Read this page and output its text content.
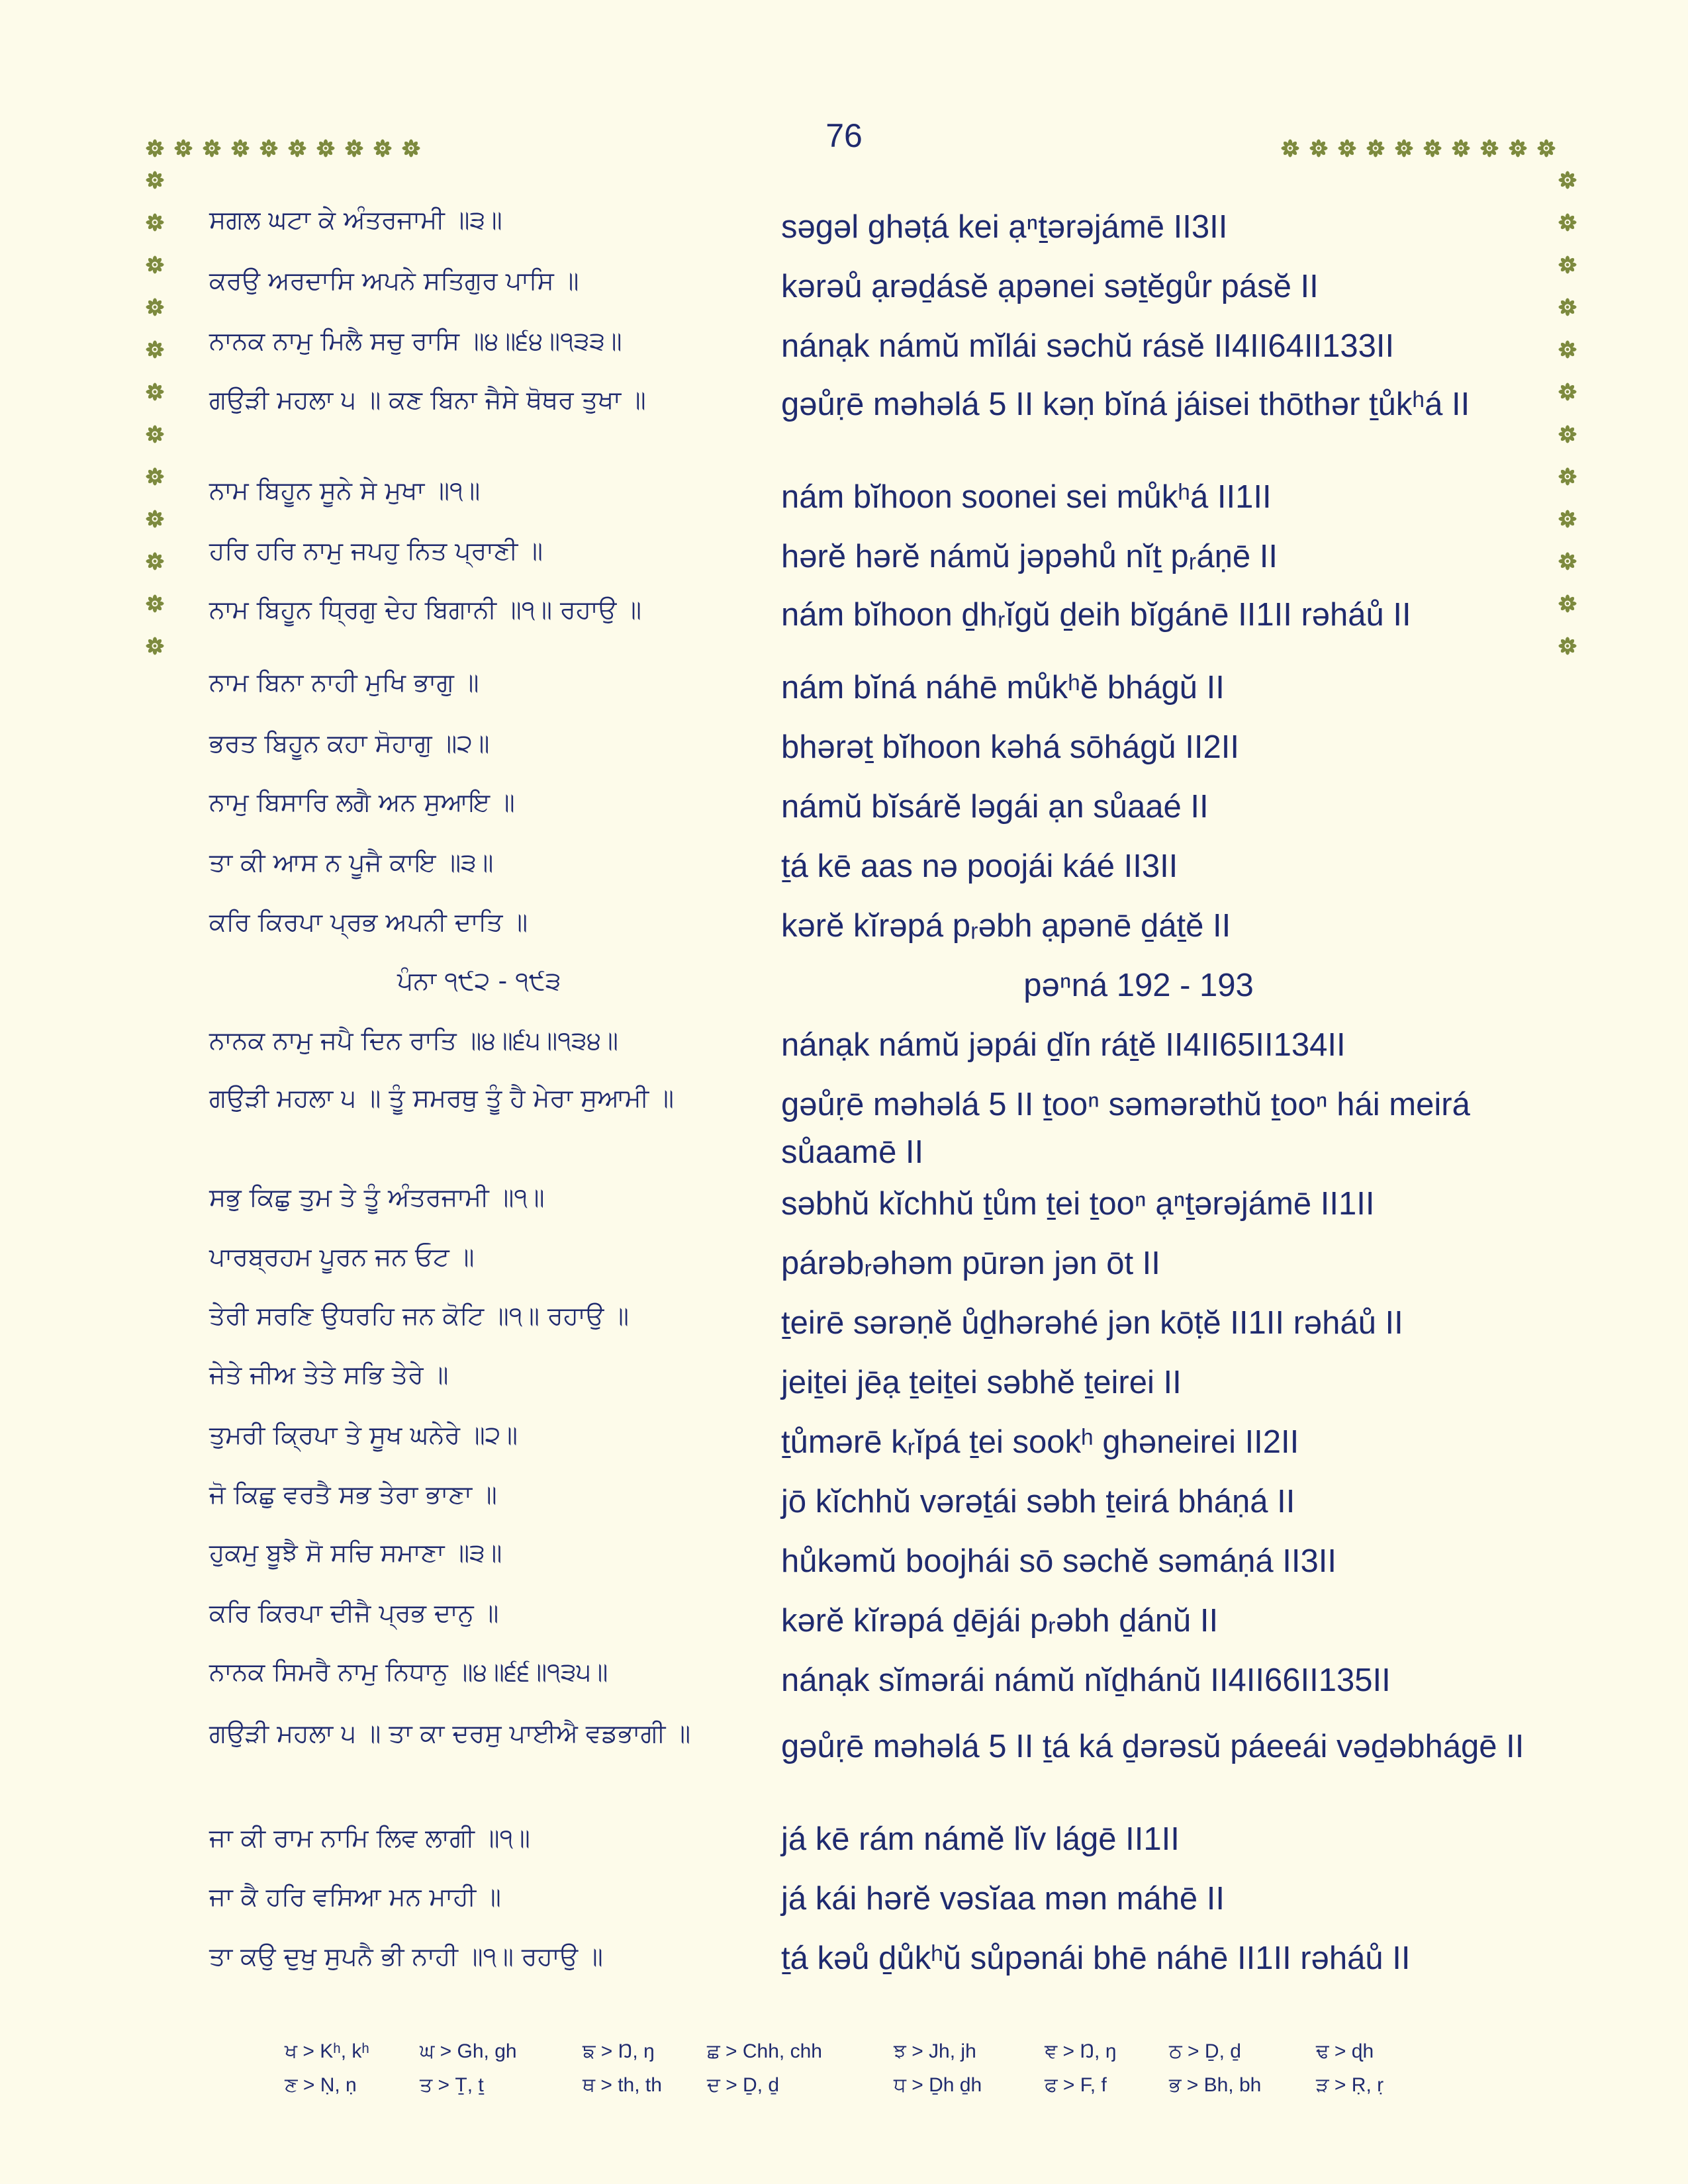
76
ਸਗਲ ਘਟਾ ਕੇ ਅੰਤਰਜਾਮੀ ॥੩॥	səgəl ghəṭá kei ạⁿṯərəjámē II3II
ਕਰਉ ਅਰਦਾਸਿ ਅਪਨੇ ਸਤਿਗੁਰ ਪਾਸਿ ॥	kərəů ạrəḏásĕ ạpənei səṯĕgůr pásĕ II
ਨਾਨਕ ਨਾਮੁ ਮਿਲੈ ਸਚੁ ਰਾਸਿ ॥੪॥੬੪॥੧੩੩॥	nánạk námŭ mĭlái səchŭ rásĕ II4II64II133II
ਗਉੜੀ ਮਹਲਾ ੫ ॥ ਕਣ ਬਿਨਾ ਜੈਸੇ ਥੋਥਰ ਤੁਖਾ ॥	gəůṛē məhəlá 5 II kəṇ bĭná jáisei thōthər ṯůkʰá II
ਨਾਮ ਬਿਹੂਨ ਸੂਨੇ ਸੇ ਮੁਖਾ ॥੧॥	nám bĭhoon soonei sei můkʰá II1II
ਹਰਿ ਹਰਿ ਨਾਮੁ ਜਪਹੁ ਨਿਤ ਪ੍ਰਾਣੀ ॥	hərĕ hərĕ námŭ jəpəhů nĭṯ pᵣáṇē II
ਨਾਮ ਬਿਹੂਨ ਧ੍ਰਿਗੁ ਦੇਹ ਬਿਗਾਨੀ ॥੧॥ ਰਹਾਉ ॥	nám bĭhoon ḏhᵣĭgŭ ḏeih bĭgánē II1II rəháů II
ਨਾਮ ਬਿਨਾ ਨਾਹੀ ਮੁਖਿ ਭਾਗੁ ॥	nám bĭná náhē můkʰĕ bhágŭ II
ਭਰਤ ਬਿਹੂਨ ਕਹਾ ਸੋਹਾਗੁ ॥੨॥	bhərəṯ bĭhoon kəhá sōhágŭ II2II
ਨਾਮੁ ਬਿਸਾਰਿ ਲਗੈ ਅਨ ਸੁਆਇ ॥	námŭ bĭsárĕ ləgái ạn sůaaé II
ਤਾ ਕੀ ਆਸ ਨ ਪੂਜੈ ਕਾਇ ॥੩॥	ṯá kē aas nə poojái káé II3II
ਕਰਿ ਕਿਰਪਾ ਪ੍ਰਭ ਅਪਨੀ ਦਾਤਿ ॥	kərĕ kĭrəpá pᵣəbh ạpənē ḏáṯĕ II
ਪੰਨਾ ੧੯੨ - ੧੯੩	pəⁿná 192 - 193
ਨਾਨਕ ਨਾਮੁ ਜਪੈ ਦਿਨ ਰਾਤਿ ॥੪॥੬੫॥੧੩੪॥	nánạk námŭ jəpái ḏĭn ráṯĕ II4II65II134II
ਗਉੜੀ ਮਹਲਾ ੫ ॥ ਤੂੰ ਸਮਰਥੁ ਤੂੰ ਹੈ ਮੇਰਾ ਸੁਆਮੀ ॥	gəůṛē məhəlá 5 II ṯooⁿ səmərəthŭ ṯooⁿ hái meirá sůaamē II
ਸਭੁ ਕਿਛੁ ਤੁਮ ਤੇ ਤੂੰ ਅੰਤਰਜਾਮੀ ॥੧॥	səbhŭ kĭchhŭ ṯům ṯei ṯooⁿ ạⁿṯərəjámē II1II
ਪਾਰਬ੍ਰਹਮ ਪੂਰਨ ਜਨ ਓਟ ॥	párəbᵣəhəm pūrən jən ōt II
ਤੇਰੀ ਸਰਣਿ ਉਧਰਹਿ ਜਨ ਕੋਟਿ ॥੧॥ ਰਹਾਉ ॥	ṯeirē sərəṇĕ ůḏhərəhé jən kōṭĕ II1II rəháů II
ਜੇਤੇ ਜੀਅ ਤੇਤੇ ਸਭਿ ਤੇਰੇ ॥	jeiṯei jēạ ṯeiṯei səbhĕ ṯeirei II
ਤੁਮਰੀ ਕ੍ਰਿਪਾ ਤੇ ਸੂਖ ਘਨੇਰੇ ॥੨॥	ṯůmərē kᵣĭpá ṯei sookʰ ghəneirei II2II
ਜੋ ਕਿਛੁ ਵਰਤੈ ਸਭ ਤੇਰਾ ਭਾਣਾ ॥	jō kĭchhŭ vərəṯái səbh ṯeirá bháṇá II
ਹੁਕਮੁ ਬੂਝੈ ਸੋ ਸਚਿ ਸਮਾਣਾ ॥੩॥	hůkəmŭ boojhái sō səchĕ səmáṇá II3II
ਕਰਿ ਕਿਰਪਾ ਦੀਜੈ ਪ੍ਰਭ ਦਾਨੁ ॥	kərĕ kĭrəpá ḏējái pᵣəbh ḏánŭ II
ਨਾਨਕ ਸਿਮਰੈ ਨਾਮੁ ਨਿਧਾਨੁ ॥੪॥੬੬॥੧੩੫॥	nánạk sĭmərái námŭ nĭḏhánŭ II4II66II135II
ਗਉੜੀ ਮਹਲਾ ੫ ॥ ਤਾ ਕਾ ਦਰਸੁ ਪਾਈਐ ਵਡਭਾਗੀ ॥	gəůṛē məhəlá 5 II ṯá ká ḏərəsŭ páeeái vəḏəbhágē II
ਜਾ ਕੀ ਰਾਮ ਨਾਮਿ ਲਿਵ ਲਾਗੀ ॥੧॥	já kē rám námĕ lĭv lágē II1II
ਜਾ ਕੈ ਹਰਿ ਵਸਿਆ ਮਨ ਮਾਹੀ ॥	já kái hərĕ vəsĭaa mən máhē II
ਤਾ ਕਉ ਦੁਖੁ ਸੁਪਨੈ ਭੀ ਨਾਹੀ ॥੧॥ ਰਹਾਉ ॥	ṯá kəů ḏůkʰŭ sůpənái bhē náhē II1II rəháů II
ਖ > Kʰ, kʰ	ਘ > Gh, gh	ਙ > Ŋ, ŋ	ਛ > Chh, chh	ਝ > Jh, jh	ਞ > Ŋ, ŋ	ਠ > Ḏ, ḏ	ਢ > ɖh
ਣ > Ṇ, ṇ	ਤ > Ṯ, ṯ	ਥ > th, th ਦ > Ḏ, ḏ	ਧ > Ḏh ḏh	ਫ > F, f	ਭ > Bh, bh	ੜ > Ṛ, ṛ
